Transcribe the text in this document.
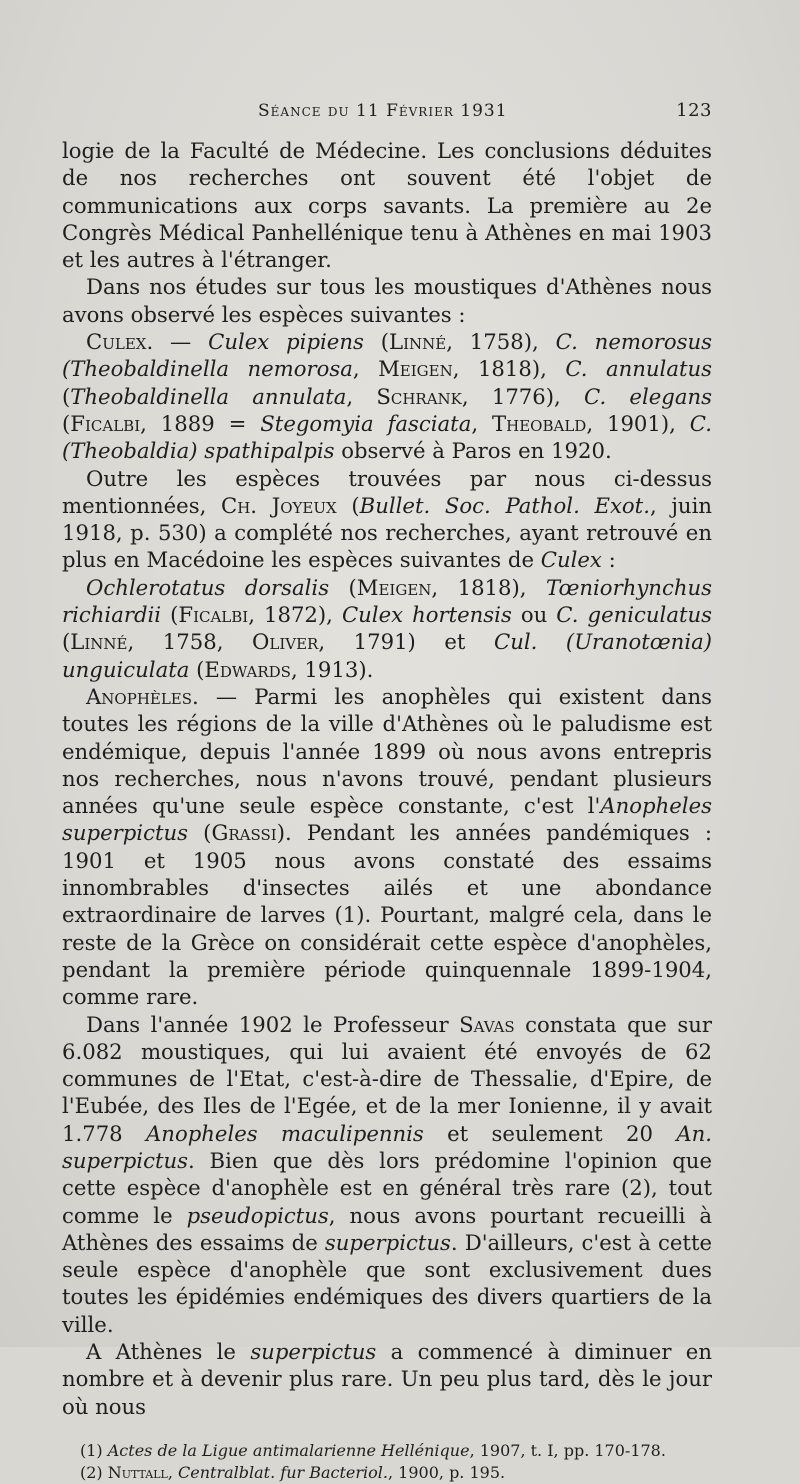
Séance du 11 Février 1931	123

logie de la Faculté de Médecine. Les conclusions déduites de nos recherches ont souvent été l'objet de communications aux corps savants. La première au 2e Congrès Médical Panhellénique tenu à Athènes en mai 1903 et les autres à l'étranger.

Dans nos études sur tous les moustiques d'Athènes nous avons observé les espèces suivantes :

Culex. — Culex pipiens (Linné, 1758), C. nemorosus (Theobaldinella nemorosa, Meigen, 1818), C. annulatus (Theobaldinella annulata, Schrank, 1776), C. elegans (Ficalbi, 1889 = Stegomyia fasciata, Theobald, 1901), C. (Theobaldia) spathipalpis observé à Paros en 1920.

Outre les espèces trouvées par nous ci-dessus mentionnées, Ch. Joyeux (Bullet. Soc. Pathol. Exot., juin 1918, p. 530) a complété nos recherches, ayant retrouvé en plus en Macédoine les espèces suivantes de Culex :

Ochlerotatus dorsalis (Meigen, 1818), Tœniorhynchus richiardii (Ficalbi, 1872), Culex hortensis ou C. geniculatus (Linné, 1758, Oliver, 1791) et Cul. (Uranotœnia) unguiculata (Edwards, 1913).

Anophèles. — Parmi les anophèles qui existent dans toutes les régions de la ville d'Athènes où le paludisme est endémique, depuis l'année 1899 où nous avons entrepris nos recherches, nous n'avons trouvé, pendant plusieurs années qu'une seule espèce constante, c'est l'Anopheles superpictus (Grassi). Pendant les années pandémiques : 1901 et 1905 nous avons constaté des essaims innombrables d'insectes ailés et une abondance extraordinaire de larves (1). Pourtant, malgré cela, dans le reste de la Grèce on considérait cette espèce d'anophèles, pendant la première période quinquennale 1899-1904, comme rare.

Dans l'année 1902 le Professeur Savas constata que sur 6.082 moustiques, qui lui avaient été envoyés de 62 communes de l'Etat, c'est-à-dire de Thessalie, d'Epire, de l'Eubée, des Iles de l'Egée, et de la mer Ionienne, il y avait 1.778 Anopheles maculipennis et seulement 20 An. superpictus. Bien que dès lors prédomine l'opinion que cette espèce d'anophèle est en général très rare (2), tout comme le pseudopictus, nous avons pourtant recueilli à Athènes des essaims de superpictus. D'ailleurs, c'est à cette seule espèce d'anophèle que sont exclusivement dues toutes les épidémies endémiques des divers quartiers de la ville.

A Athènes le superpictus a commencé à diminuer en nombre et à devenir plus rare. Un peu plus tard, dès le jour où nous

(1) Actes de la Ligue antimalarienne Hellénique, 1907, t. I, pp. 170-178.

(2) Nuttall, Centralblat. fur Bacteriol., 1900, p. 195.
